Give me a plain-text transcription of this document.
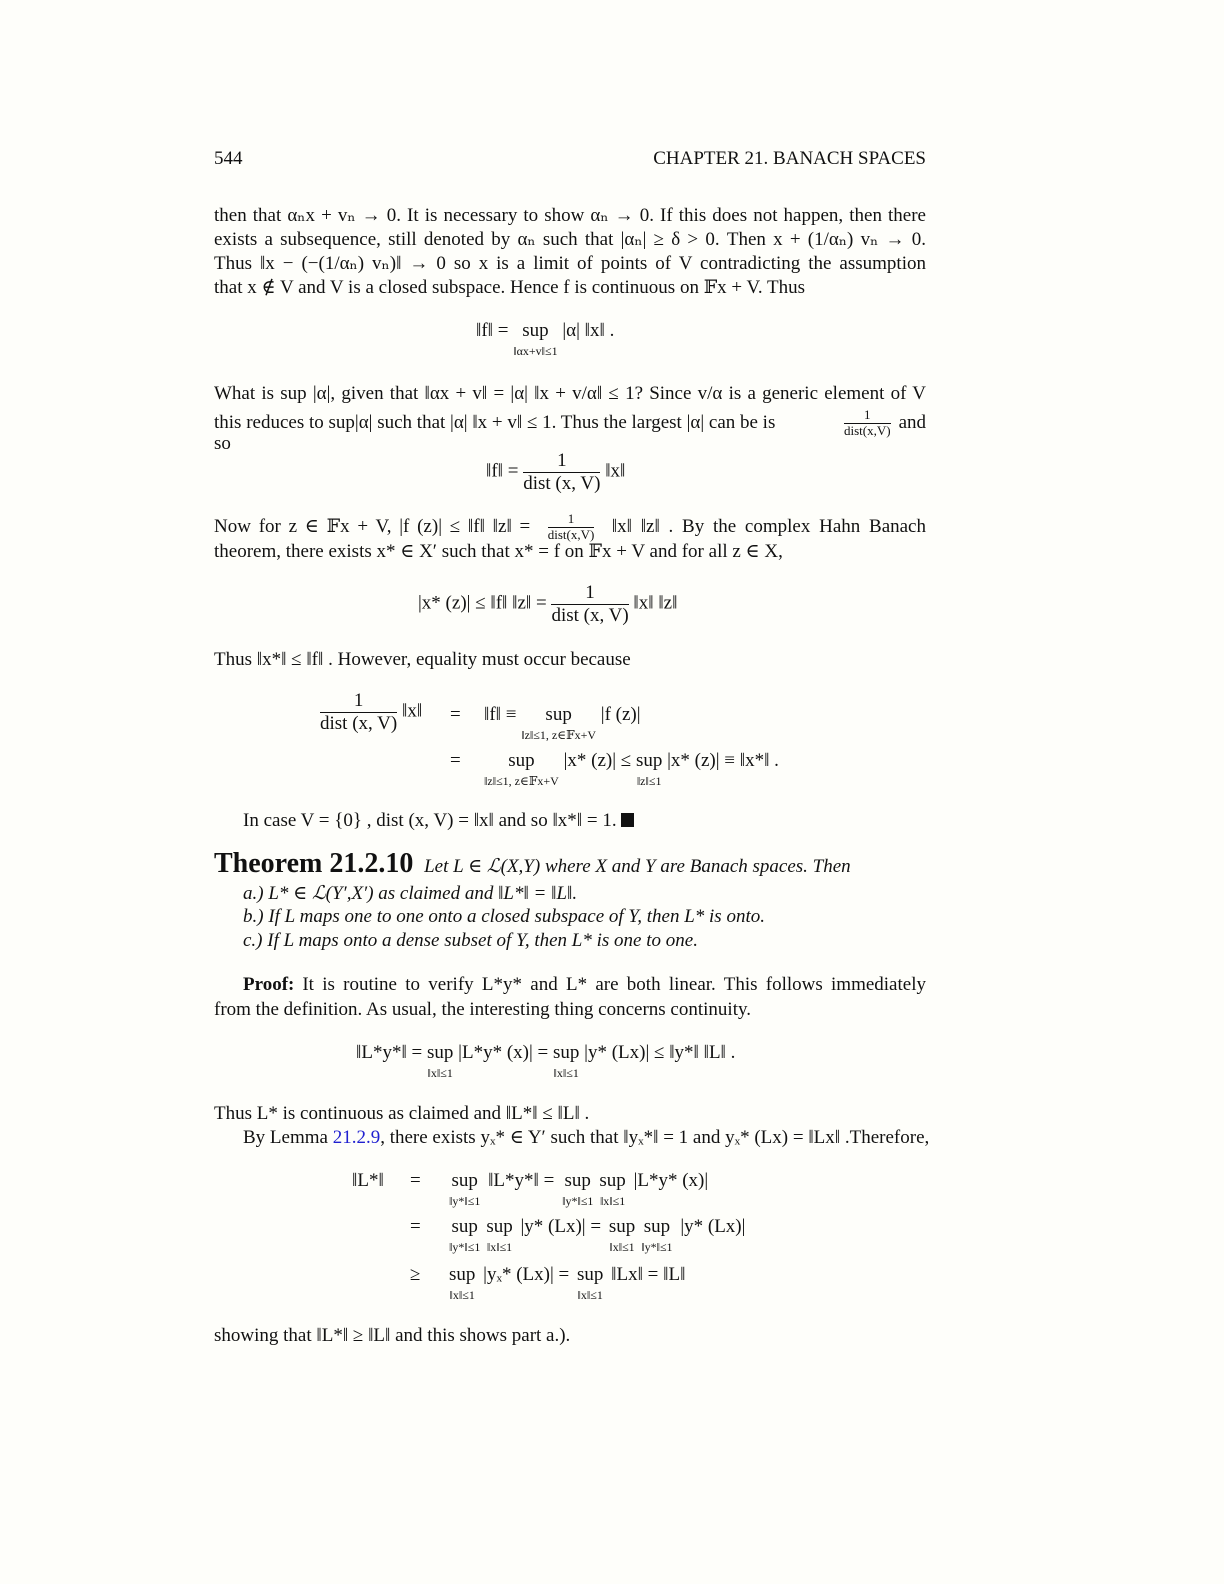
544	CHAPTER 21. BANACH SPACES
then that αₙx + vₙ → 0. It is necessary to show αₙ → 0. If this does not happen, then there
exists a subsequence, still denoted by αₙ such that |αₙ| ≥ δ > 0. Then x + (1/αₙ) vₙ → 0.
Thus ‖x − (−(1/αₙ) vₙ)‖ → 0 so x is a limit of points of V contradicting the assumption
that x ∉ V and V is a closed subspace. Hence f is continuous on 𝔽x + V. Thus
‖f‖ = sup
‖αx+v‖≤1
|α| ‖x‖ .
What is sup |α|, given that ‖αx + v‖ = |α| ‖x + v/α‖ ≤ 1? Since v/α is a generic element of V
this reduces to sup|α| such that |α| ‖x + v‖ ≤ 1. Thus the largest |α| can be is	$\frac{1}{\text{dist(x,V)}}$ and
so
‖f‖ = $\frac{1}{\text{dist (x, V)}}$ ‖x‖
Now for z ∈ 𝔽x + V, |f (z)| ≤ ‖f‖ ‖z‖ = $\frac{1}{\text{dist(x,V)}}$ ‖x‖ ‖z‖ . By the complex Hahn Banach
theorem, there exists x* ∈ X′ such that x* = f on 𝔽x + V and for all z ∈ X,
|x* (z)| ≤ ‖f‖ ‖z‖ = $\frac{1}{\text{dist (x, V)}}$ ‖x‖ ‖z‖
Thus ‖x*‖ ≤ ‖f‖ . However, equality must occur because
$\frac{1}{\text{dist (x, V)}}$ ‖x‖ = ‖f‖ ≡ sup
‖z‖≤1, z∈𝔽x+V
|f (z)|
=	sup
‖z‖≤1, z∈𝔽x+V
|x* (z)| ≤ sup
‖z‖≤1
|x* (z)| ≡ ‖x*‖ .
In case V = {0} , dist (x, V) = ‖x‖ and so ‖x*‖ = 1.
Theorem 21.2.10 Let L ∈ ℒ(X,Y) where X and Y are Banach spaces. Then
a.) L* ∈ ℒ(Y′,X′) as claimed and ‖L*‖ = ‖L‖.
b.) If L maps one to one onto a closed subspace of Y, then L* is onto.
c.) If L maps onto a dense subset of Y, then L* is one to one.
Proof: It is routine to verify L*y* and L* are both linear. This follows immediately
from the definition. As usual, the interesting thing concerns continuity.
‖L*y*‖ = sup
‖x‖≤1
|L*y* (x)| = sup
‖x‖≤1
|y* (Lx)| ≤ ‖y*‖ ‖L‖ .
Thus L* is continuous as claimed and ‖L*‖ ≤ ‖L‖ .
By Lemma 21.2.9, there exists yₓ* ∈ Y′ such that ‖yₓ*‖ = 1 and yₓ* (Lx) = ‖Lx‖ .Therefore,
‖L*‖ = sup
‖y*‖≤1
‖L*y*‖ = sup
‖y*‖≤1
sup
‖x‖≤1
|L*y* (x)|
= sup
‖y*‖≤1
sup
‖x‖≤1
|y* (Lx)| = sup
‖x‖≤1
sup
‖y*‖≤1
|y* (Lx)|
≥ sup
‖x‖≤1
|yₓ* (Lx)| = sup
‖x‖≤1
‖Lx‖ = ‖L‖
showing that ‖L*‖ ≥ ‖L‖ and this shows part a.).
